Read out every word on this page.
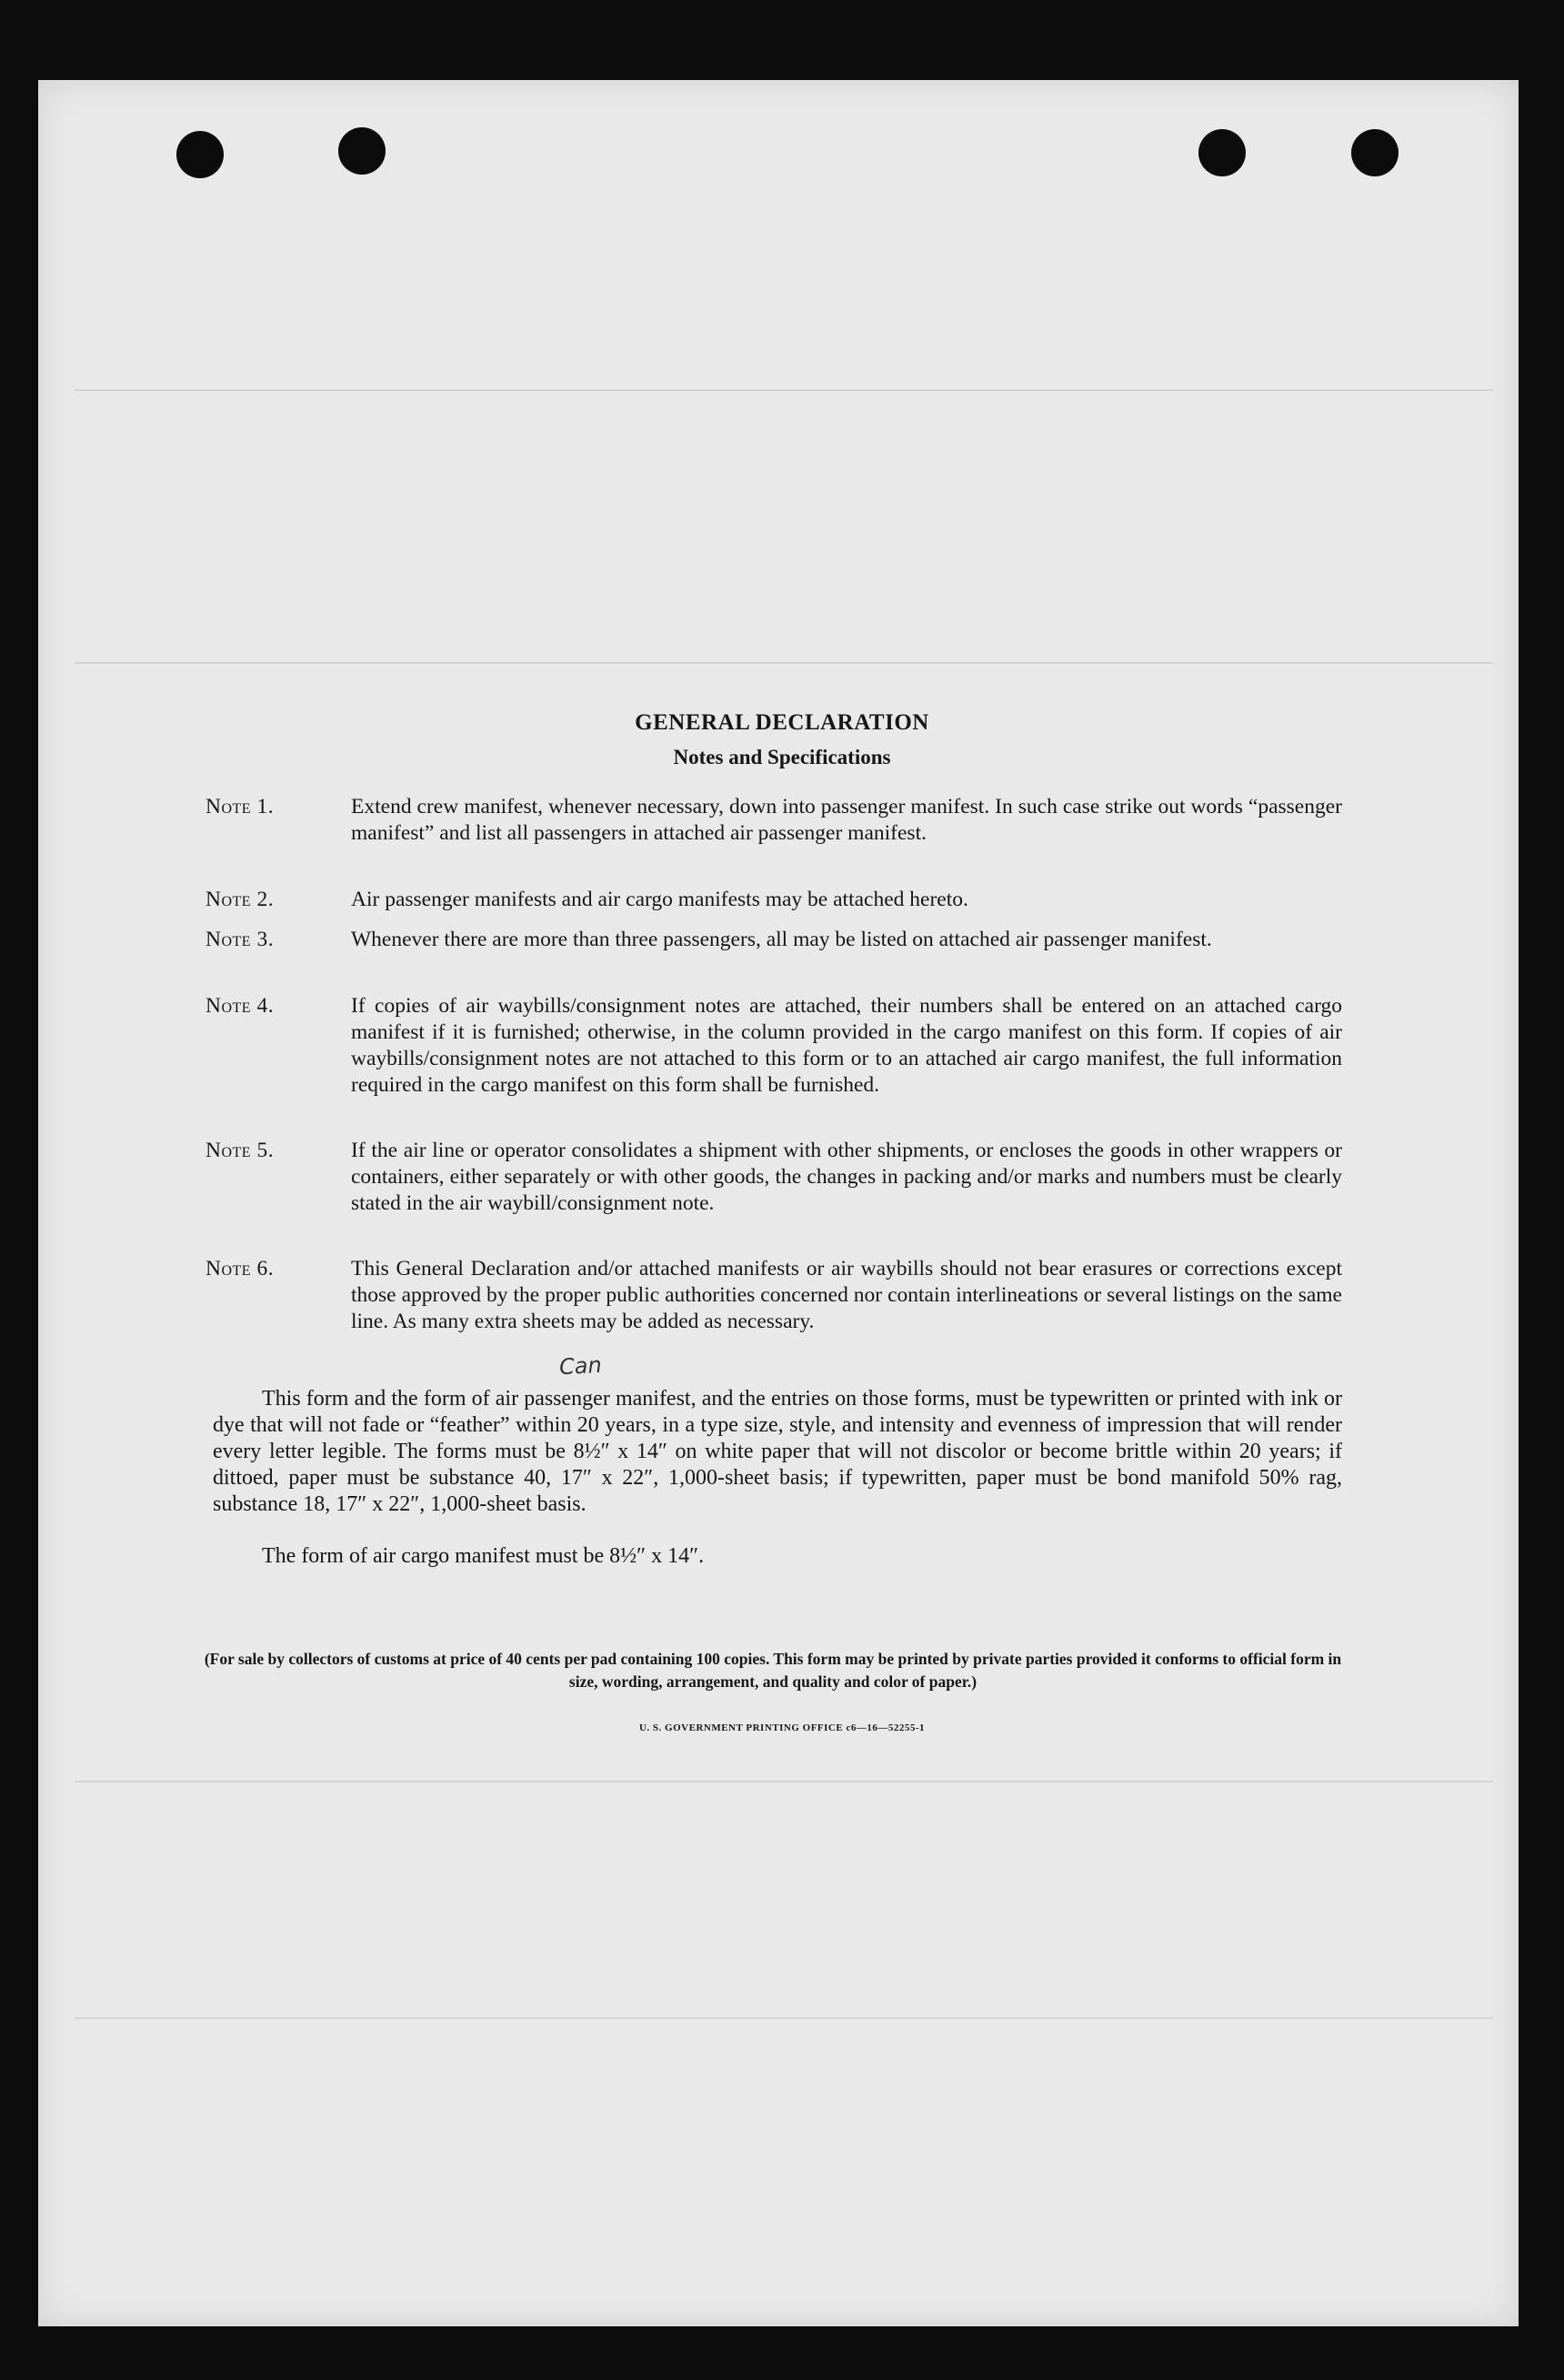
GENERAL DECLARATION
Notes and Specifications
Note 1.	Extend crew manifest, whenever necessary, down into passenger manifest. In such case strike out words “passenger manifest” and list all passengers in attached air passenger manifest.
Note 2.	Air passenger manifests and air cargo manifests may be attached hereto.
Note 3.	Whenever there are more than three passengers, all may be listed on attached air passenger manifest.
Note 4.	If copies of air waybills/consignment notes are attached, their numbers shall be entered on an attached cargo manifest if it is furnished; otherwise, in the column provided in the cargo manifest on this form. If copies of air waybills/consignment notes are not attached to this form or to an attached air cargo manifest, the full information required in the cargo manifest on this form shall be furnished.
Note 5.	If the air line or operator consolidates a shipment with other shipments, or encloses the goods in other wrappers or containers, either separately or with other goods, the changes in packing and/or marks and numbers must be clearly stated in the air waybill/consignment note.
Note 6.	This General Declaration and/or attached manifests or air waybills should not bear erasures or corrections except those approved by the proper public authorities concerned nor contain interlineations or several listings on the same line. As many extra sheets may be added as necessary.
Can
This form and the form of air passenger manifest, and the entries on those forms, must be typewritten or printed with ink or dye that will not fade or “feather” within 20 years, in a type size, style, and intensity and evenness of impression that will render every letter legible. The forms must be 8½″ x 14″ on white paper that will not discolor or become brittle within 20 years; if dittoed, paper must be substance 40, 17″ x 22″, 1,000-sheet basis; if typewritten, paper must be bond manifold 50% rag, substance 18, 17″ x 22″, 1,000-sheet basis.
The form of air cargo manifest must be 8½″ x 14″.
(For sale by collectors of customs at price of 40 cents per pad containing 100 copies. This form may be printed by private parties provided it conforms to official form in size, wording, arrangement, and quality and color of paper.)
U. S. GOVERNMENT PRINTING OFFICE c6—16—52255-1
